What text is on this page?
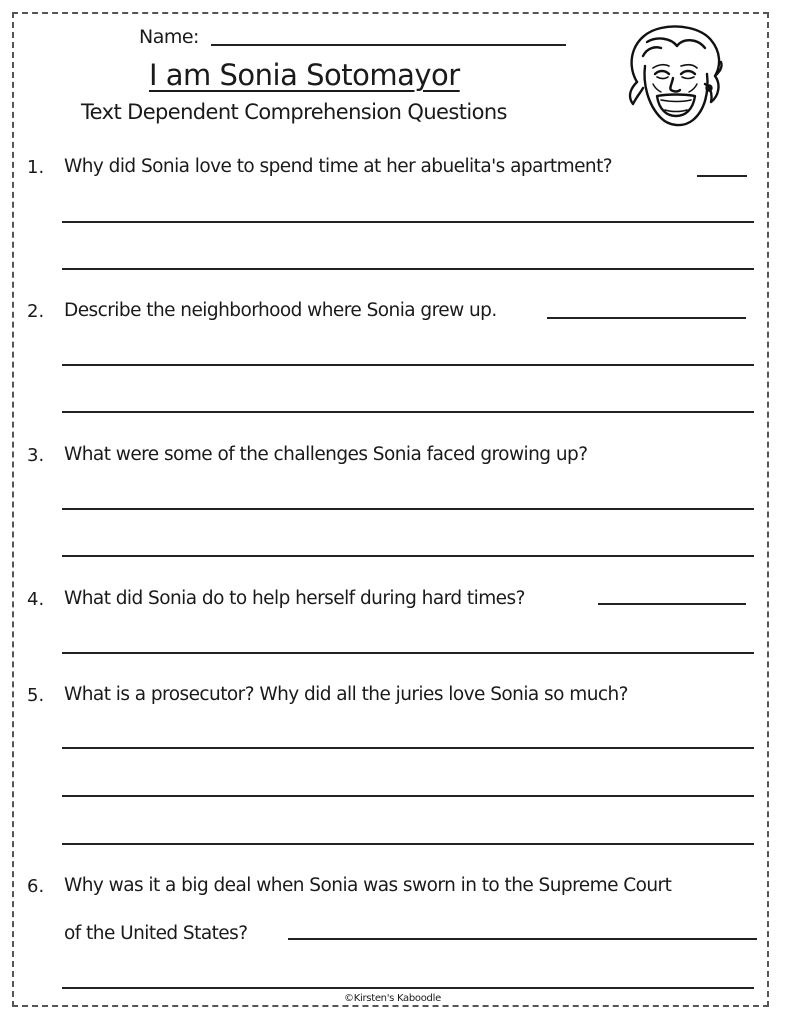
Name:
I am Sonia Sotomayor
Text Dependent Comprehension Questions
1. Why did Sonia love to spend time at her abuelita's apartment?
2. Describe the neighborhood where Sonia grew up.
3. What were some of the challenges Sonia faced growing up?
4. What did Sonia do to help herself during hard times?
5. What is a prosecutor? Why did all the juries love Sonia so much?
6. Why was it a big deal when Sonia was sworn in to the Supreme Court
of the United States?
©Kirsten's Kaboodle
